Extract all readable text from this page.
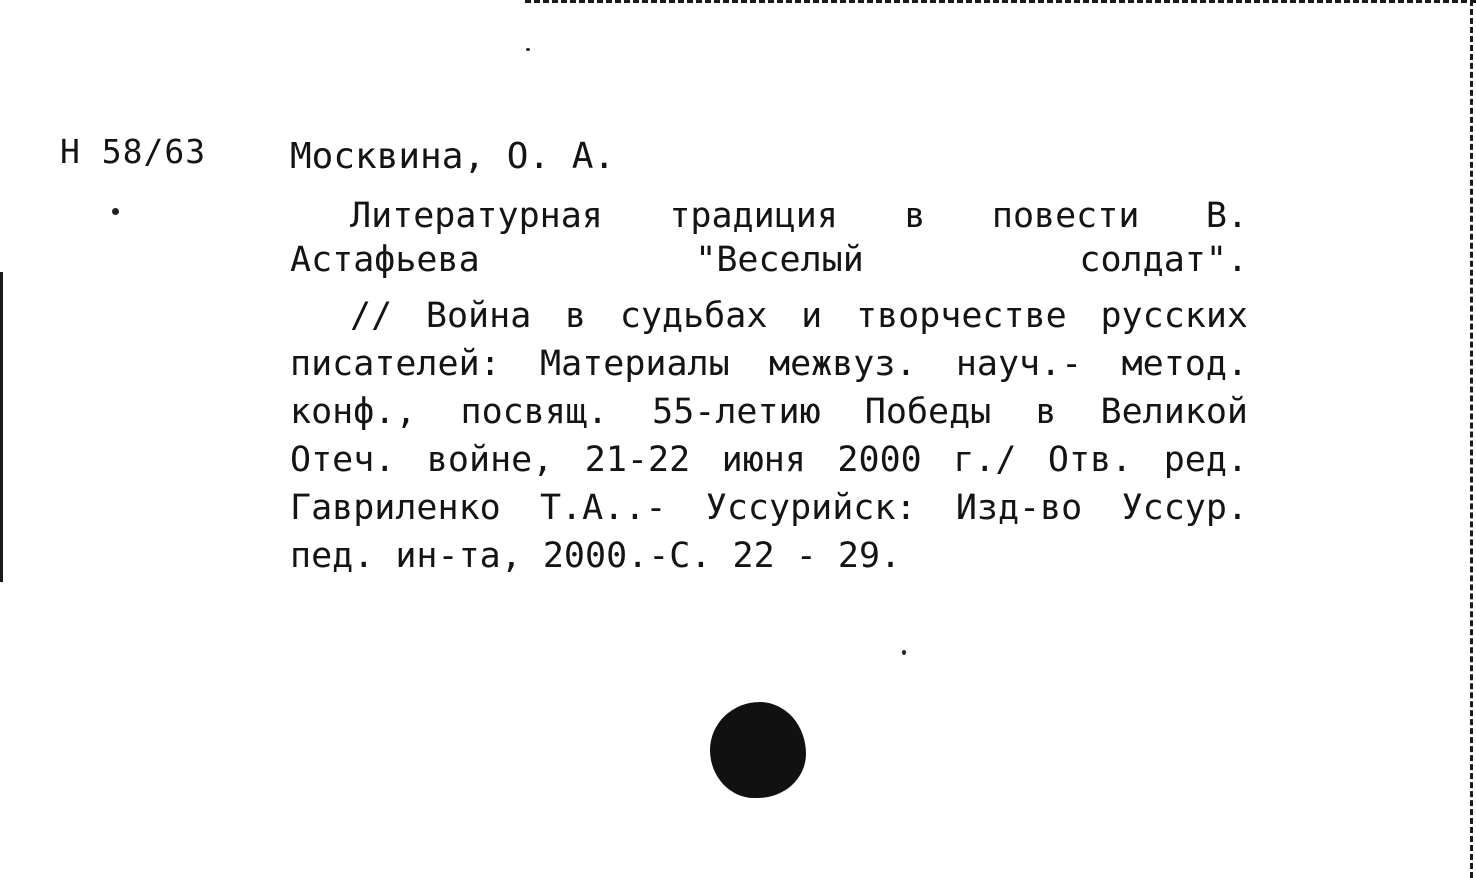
Н 58/63 Москвина, О. А.
Литературная традиция в повести В.
Астафьева "Веселый солдат".
// Война в судьбах и творчестве русских
писателей: Материалы межвуз. науч.- метод.
конф., посвящ. 55-летию Победы в Великой
Отеч. войне, 21-22 июня 2000 г./ Отв. ред.
Гавриленко Т.А..- Уссурийск: Изд-во Уссур.
пед. ин-та, 2000.-С. 22 - 29.
